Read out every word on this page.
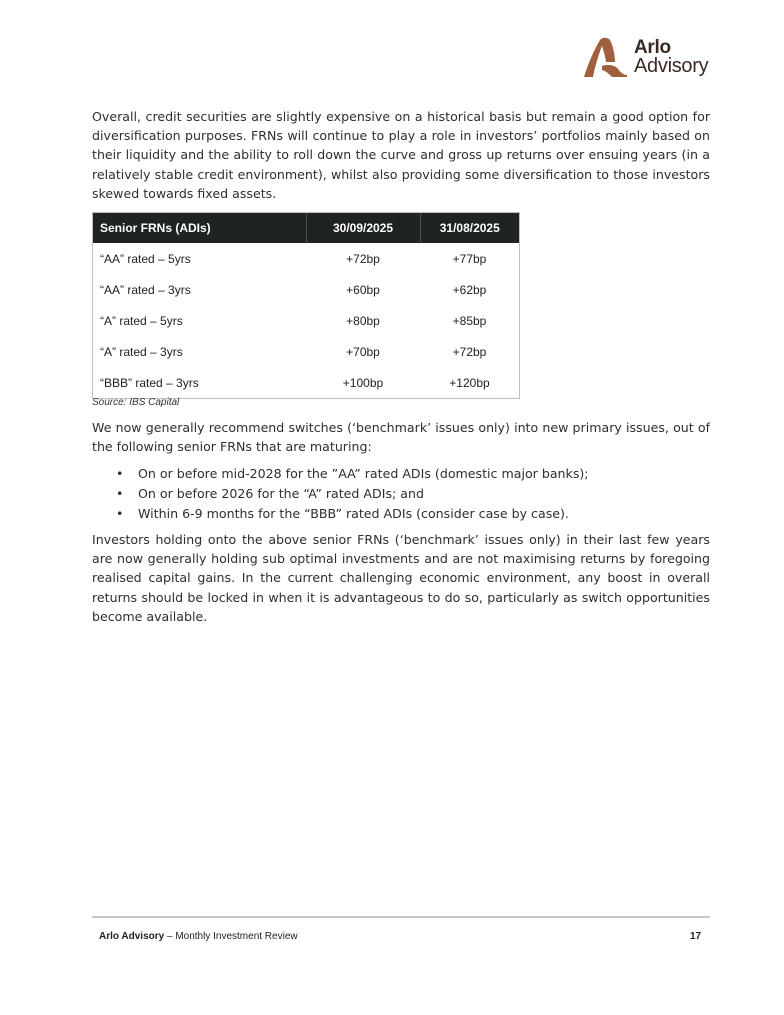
Arlo
Advisory

Overall, credit securities are slightly expensive on a historical basis but remain a good option for diversification purposes. FRNs will continue to play a role in investors’ portfolios mainly based on their liquidity and the ability to roll down the curve and gross up returns over ensuing years (in a relatively stable credit environment), whilst also providing some diversification to those investors skewed towards fixed assets.

Senior FRNs (ADIs)	30/09/2025	31/08/2025
“AA” rated – 5yrs	+72bp	+77bp
“AA” rated – 3yrs	+60bp	+62bp
“A” rated – 5yrs	+80bp	+85bp
“A” rated – 3yrs	+70bp	+72bp
“BBB” rated – 3yrs	+100bp	+120bp
Source: IBS Capital

We now generally recommend switches (‘benchmark’ issues only) into new primary issues, out of the following senior FRNs that are maturing:

• On or before mid-2028 for the ”AA” rated ADIs (domestic major banks);
• On or before 2026 for the “A” rated ADIs; and
• Within 6-9 months for the “BBB” rated ADIs (consider case by case).

Investors holding onto the above senior FRNs (‘benchmark’ issues only) in their last few years are now generally holding sub optimal investments and are not maximising returns by foregoing realised capital gains. In the current challenging economic environment, any boost in overall returns should be locked in when it is advantageous to do so, particularly as switch opportunities become available.

Arlo Advisory – Monthly Investment Review	17
